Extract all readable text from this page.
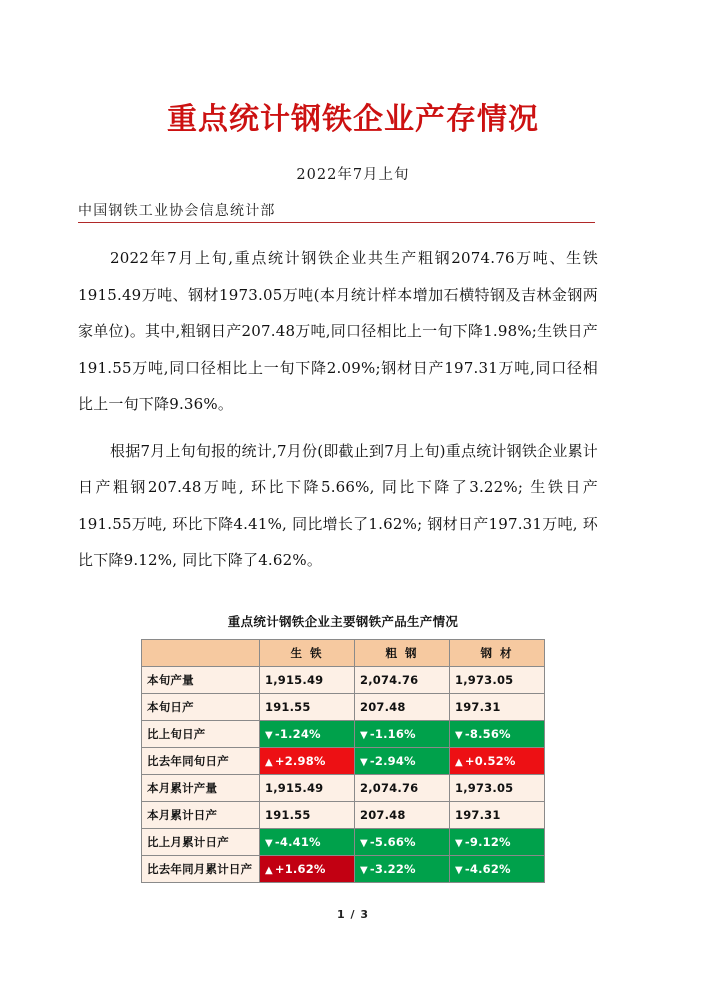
重点统计钢铁企业产存情况
2022年7月上旬
中国钢铁工业协会信息统计部

2022年7月上旬,重点统计钢铁企业共生产粗钢2074.76万吨、生铁1915.49万吨、钢材1973.05万吨(本月统计样本增加石横特钢及吉林金钢两家单位)。其中,粗钢日产207.48万吨,同口径相比上一旬下降1.98%;生铁日产191.55万吨,同口径相比上一旬下降2.09%;钢材日产197.31万吨,同口径相比上一旬下降9.36%。

根据7月上旬旬报的统计,7月份(即截止到7月上旬)重点统计钢铁企业累计日产粗钢207.48万吨, 环比下降5.66%, 同比下降了3.22%; 生铁日产191.55万吨, 环比下降4.41%, 同比增长了1.62%; 钢材日产197.31万吨, 环比下降9.12%, 同比下降了4.62%。

重点统计钢铁企业主要钢铁产品生产情况
	生 铁	粗 钢	钢 材
本旬产量	1,915.49	2,074.76	1,973.05
本旬日产	191.55	207.48	197.31
比上旬日产	▼ -1.24%	▼ -1.16%	▼ -8.56%
比去年同旬日产	▲ +2.98%	▼ -2.94%	▲ +0.52%
本月累计产量	1,915.49	2,074.76	1,973.05
本月累计日产	191.55	207.48	197.31
比上月累计日产	▼ -4.41%	▼ -5.66%	▼ -9.12%
比去年同月累计日产	▲ +1.62%	▼ -3.22%	▼ -4.62%
1 / 3
